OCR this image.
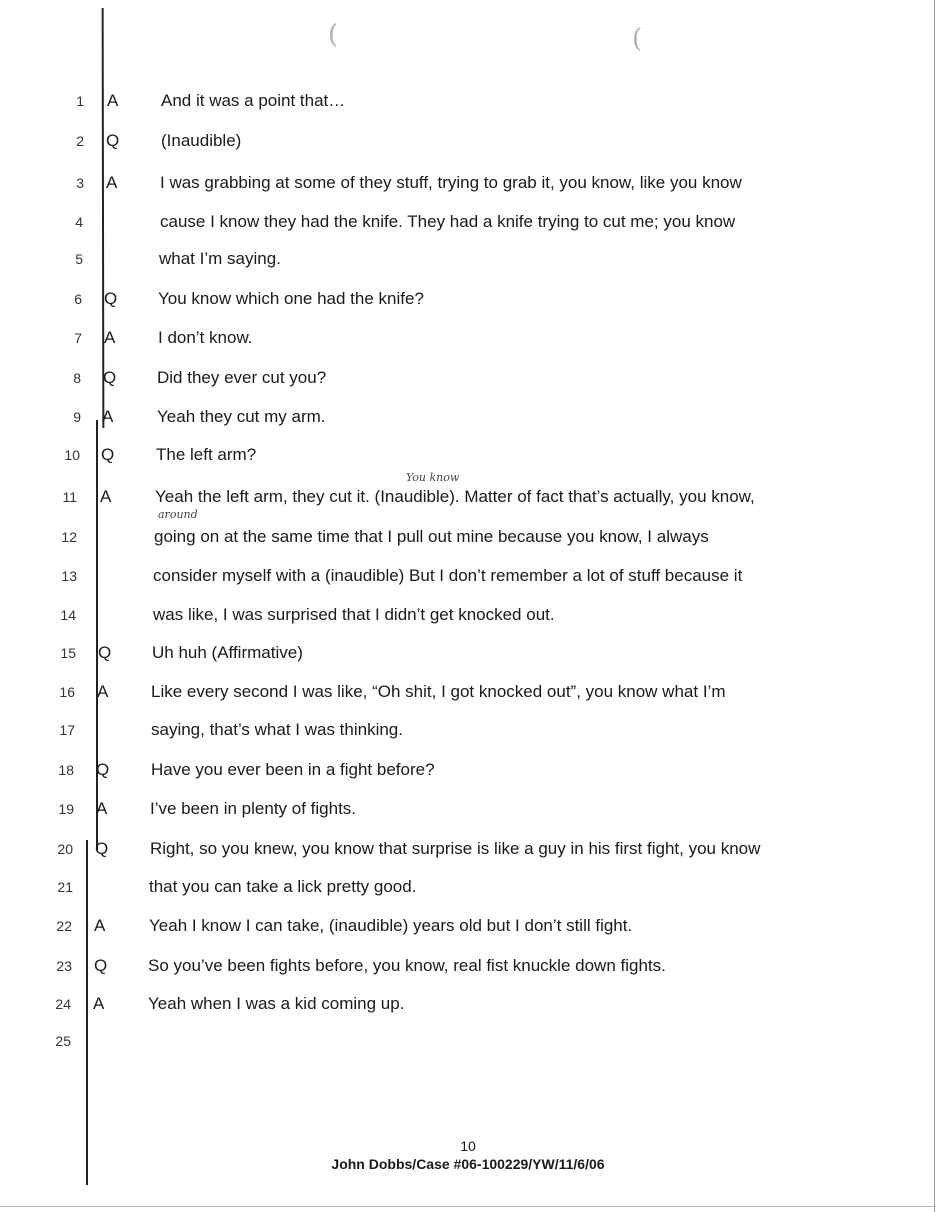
(	(
1 A	And it was a point that…
2 Q (Inaudible)
3 A	I was grabbing at some of they stuff, trying to grab it, you know, like you know
4	cause I know they had the knife. They had a knife trying to cut me; you know
5	what I’m saying.
6 Q You know which one had the knife?
7 A	I don’t know.
8 Q Did they ever cut you?
9 A	Yeah they cut my arm.
10 Q The left arm?
You know
11 A	Yeah the left arm, they cut it. (Inaudible). Matter of fact that’s actually, you know,
around
12	going on at the same time that I pull out mine because you know, I always
13	consider myself with a (inaudible) But I don’t remember a lot of stuff because it
14	was like, I was surprised that I didn’t get knocked out.
15 Q Uh huh (Affirmative)
16 A	Like every second I was like, “Oh shit, I got knocked out”, you know what I’m
17	saying, that’s what I was thinking.
18 Q Have you ever been in a fight before?
19 A	I’ve been in plenty of fights.
20 Q Right, so you knew, you know that surprise is like a guy in his first fight, you know
21	that you can take a lick pretty good.
22 A	Yeah I know I can take, (inaudible) years old but I don’t still fight.
23 Q So you’ve been fights before, you know, real fist knuckle down fights.
24 A	Yeah when I was a kid coming up.
25
10
John Dobbs/Case #06-100229/YW/11/6/06
